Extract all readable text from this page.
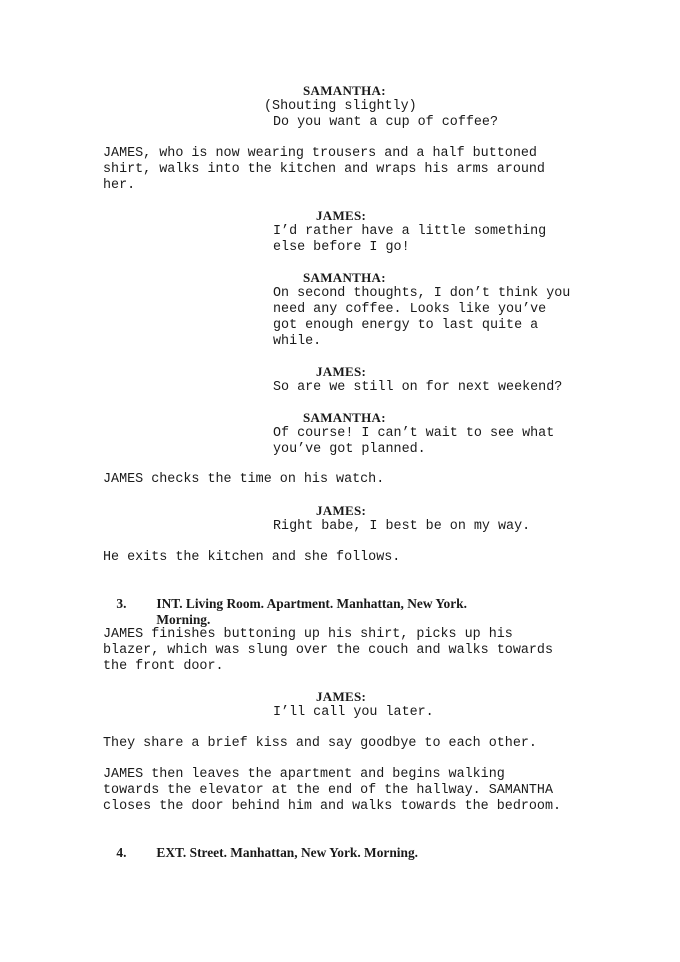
SAMANTHA:
(Shouting slightly)
Do you want a cup of coffee?
JAMES, who is now wearing trousers and a half buttoned
shirt, walks into the kitchen and wraps his arms around
her.
JAMES:
I’d rather have a little something
else before I go!
SAMANTHA:
On second thoughts, I don’t think you
need any coffee. Looks like you’ve
got enough energy to last quite a
while.
JAMES:
So are we still on for next weekend?
SAMANTHA:
Of course! I can’t wait to see what
you’ve got planned.
JAMES checks the time on his watch.
JAMES:
Right babe, I best be on my way.
He exits the kitchen and she follows.

3. INT. Living Room. Apartment. Manhattan, New York.

Morning.

JAMES finishes buttoning up his shirt, picks up his
blazer, which was slung over the couch and walks towards
the front door.
JAMES:
I’ll call you later.
They share a brief kiss and say goodbye to each other.
JAMES then leaves the apartment and begins walking
towards the elevator at the end of the hallway. SAMANTHA
closes the door behind him and walks towards the bedroom.

4. EXT. Street. Manhattan, New York. Morning.
